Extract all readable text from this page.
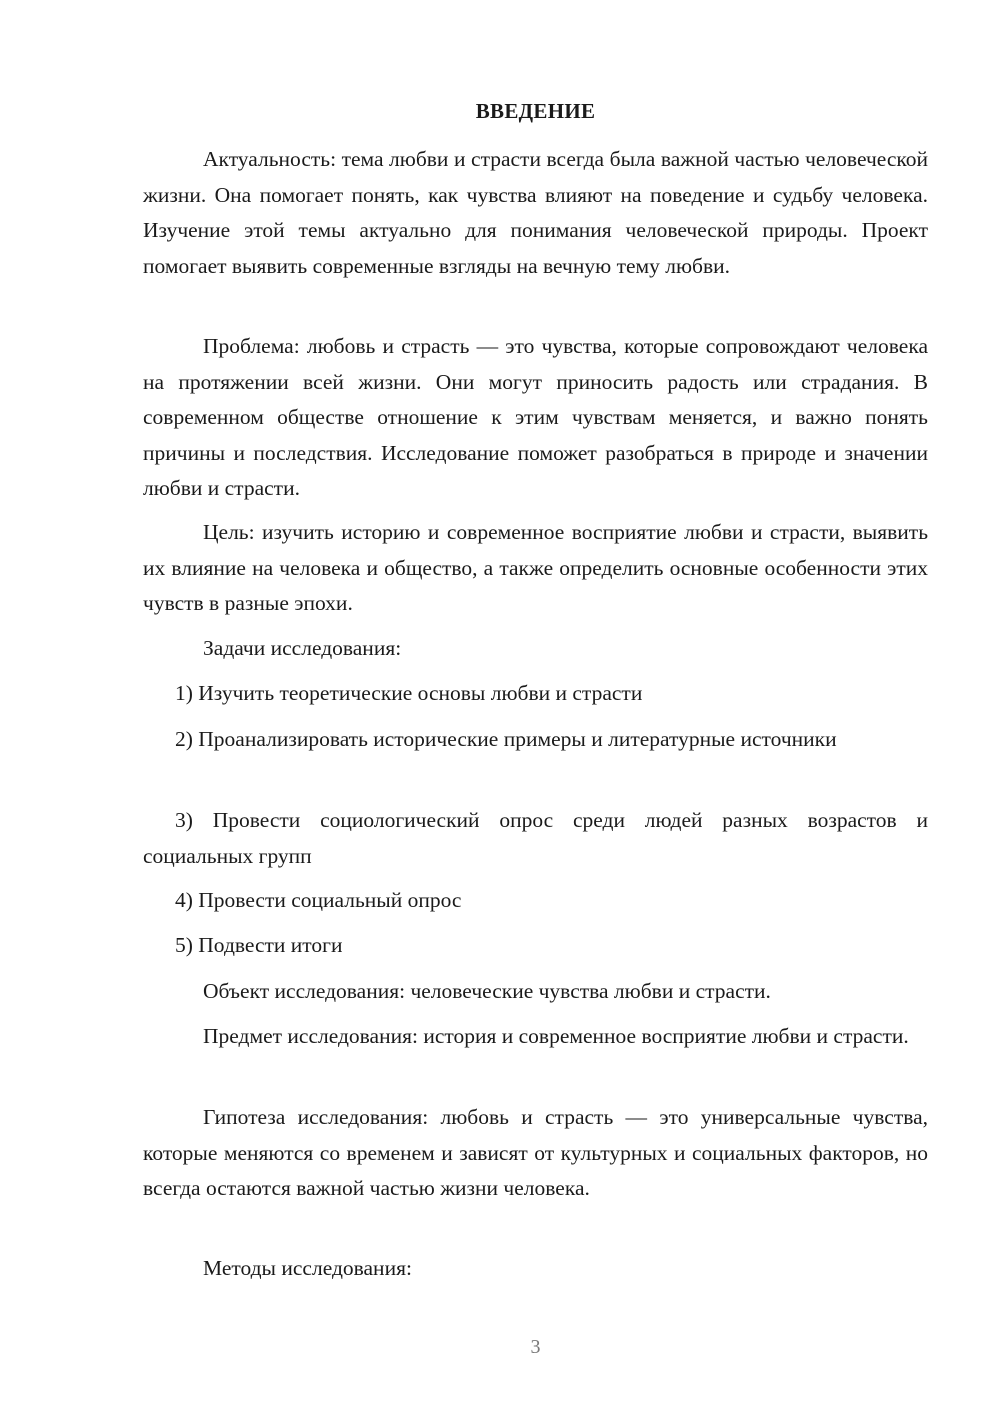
ВВЕДЕНИЕ

Актуальность: тема любви и страсти всегда была важной частью человеческой жизни. Она помогает понять, как чувства влияют на поведение и судьбу человека. Изучение этой темы актуально для понимания человеческой природы. Проект помогает выявить современные взгляды на вечную тему любви.

Проблема: любовь и страсть — это чувства, которые сопровождают человека на протяжении всей жизни. Они могут приносить радость или страдания. В современном обществе отношение к этим чувствам меняется, и важно понять причины и последствия. Исследование поможет разобраться в природе и значении любви и страсти.

Цель: изучить историю и современное восприятие любви и страсти, выявить их влияние на человека и общество, а также определить основные особенности этих чувств в разные эпохи.

Задачи исследования:

1) Изучить теоретические основы любви и страсти

2) Проанализировать исторические примеры и литературные источники

3) Провести социологический опрос среди людей разных возрастов и социальных групп

4) Провести социальный опрос

5) Подвести итоги

Объект исследования: человеческие чувства любви и страсти.

Предмет исследования: история и современное восприятие любви и страсти.

Гипотеза исследования: любовь и страсть — это универсальные чувства, которые меняются со временем и зависят от культурных и социальных факторов, но всегда остаются важной частью жизни человека.

Методы исследования:

3
